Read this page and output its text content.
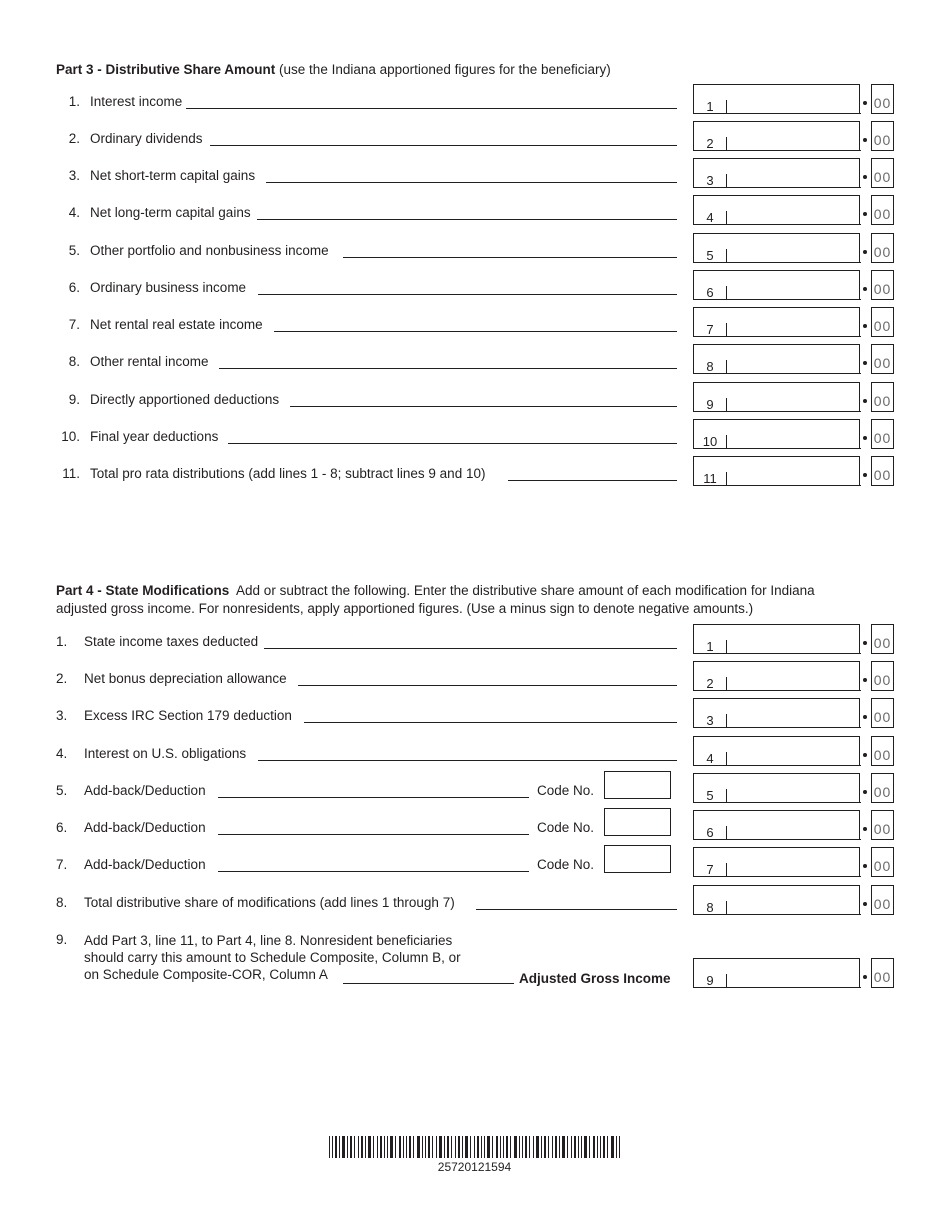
Part 3 - Distributive Share Amount (use the Indiana apportioned figures for the beneficiary)
1. Interest income	1	00
2. Ordinary dividends	2	00
3. Net short-term capital gains	3	00
4. Net long-term capital gains	4	00
5. Other portfolio and nonbusiness income	5	00
6. Ordinary business income	6	00
7. Net rental real estate income	7	00
8. Other rental income	8	00
9. Directly apportioned deductions	9	00
10. Final year deductions	10	00
11. Total pro rata distributions (add lines 1 - 8; subtract lines 9 and 10)	11	00
Part 4 - State Modifications  Add or subtract the following. Enter the distributive share amount of each modification for Indiana
adjusted gross income. For nonresidents, apply apportioned figures. (Use a minus sign to denote negative amounts.)
1. State income taxes deducted	1	00
2. Net bonus depreciation allowance	2	00
3. Excess IRC Section 179 deduction	3	00
4. Interest on U.S. obligations	4	00
5. Add-back/Deduction	Code No.	5	00
6. Add-back/Deduction	Code No.	6	00
7. Add-back/Deduction	Code No.	7	00
8. Total distributive share of modifications (add lines 1 through 7)	8	00
9. Add Part 3, line 11, to Part 4, line 8. Nonresident beneficiaries
should carry this amount to Schedule Composite, Column B, or
on Schedule Composite-COR, Column A	Adjusted Gross Income	9	00
25720121594
